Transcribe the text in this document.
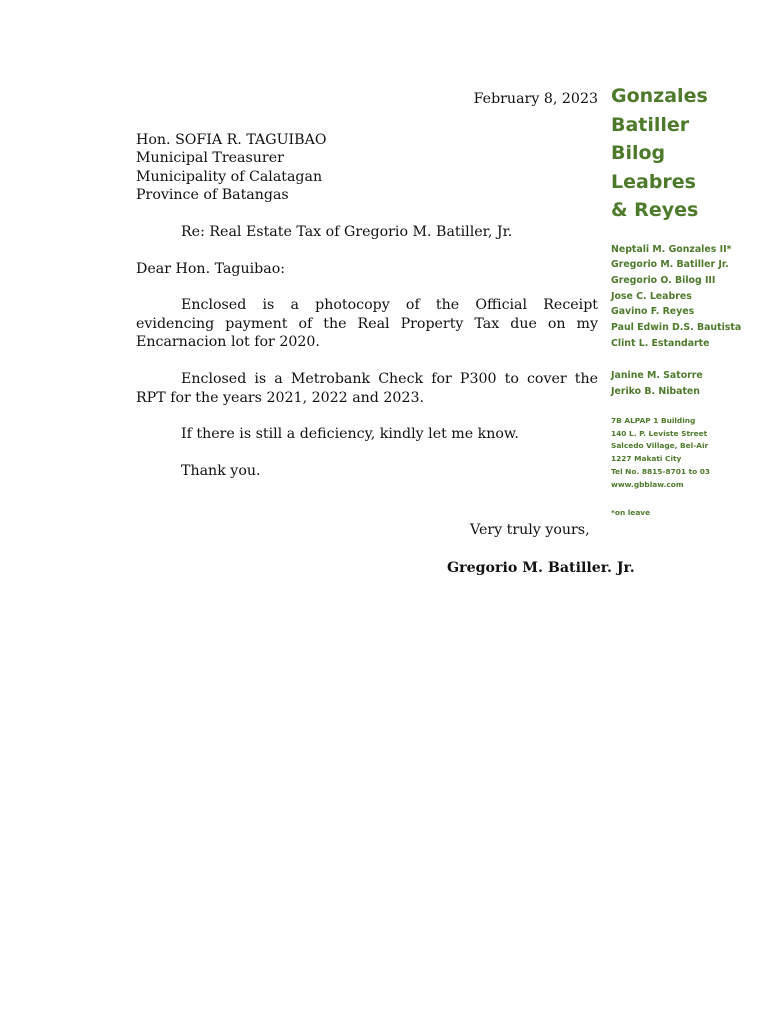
February 8, 2023

Hon. SOFIA R. TAGUIBAO

Municipal Treasurer

Municipality of Calatagan

Province of Batangas

Re: Real Estate Tax of Gregorio M. Batiller, Jr.

Dear Hon. Taguibao:

Enclosed is a photocopy of the Official Receipt evidencing payment of the Real Property Tax due on my Encarnacion lot for 2020.

Enclosed is a Metrobank Check for P300 to cover the RPT for the years 2021, 2022 and 2023.

If there is still a deficiency, kindly let me know.

Thank you.

Very truly yours,
Gregorio M. Batiller. Jr.

Gonzales

Batiller

Bilog

Leabres

& Reyes

Neptali M. Gonzales II*
Gregorio M. Batiller Jr.
Gregorio O. Bilog III
Jose C. Leabres
Gavino F. Reyes
Paul Edwin D.S. Bautista
Clint L. Estandarte
Janine M. Satorre
Jeriko B. Nibaten
7B ALPAP 1 Building
140 L. P. Leviste Street
Salcedo Village, Bel-Air
1227 Makati City
Tel No. 8815-8701 to 03
www.gbblaw.com
*on leave
